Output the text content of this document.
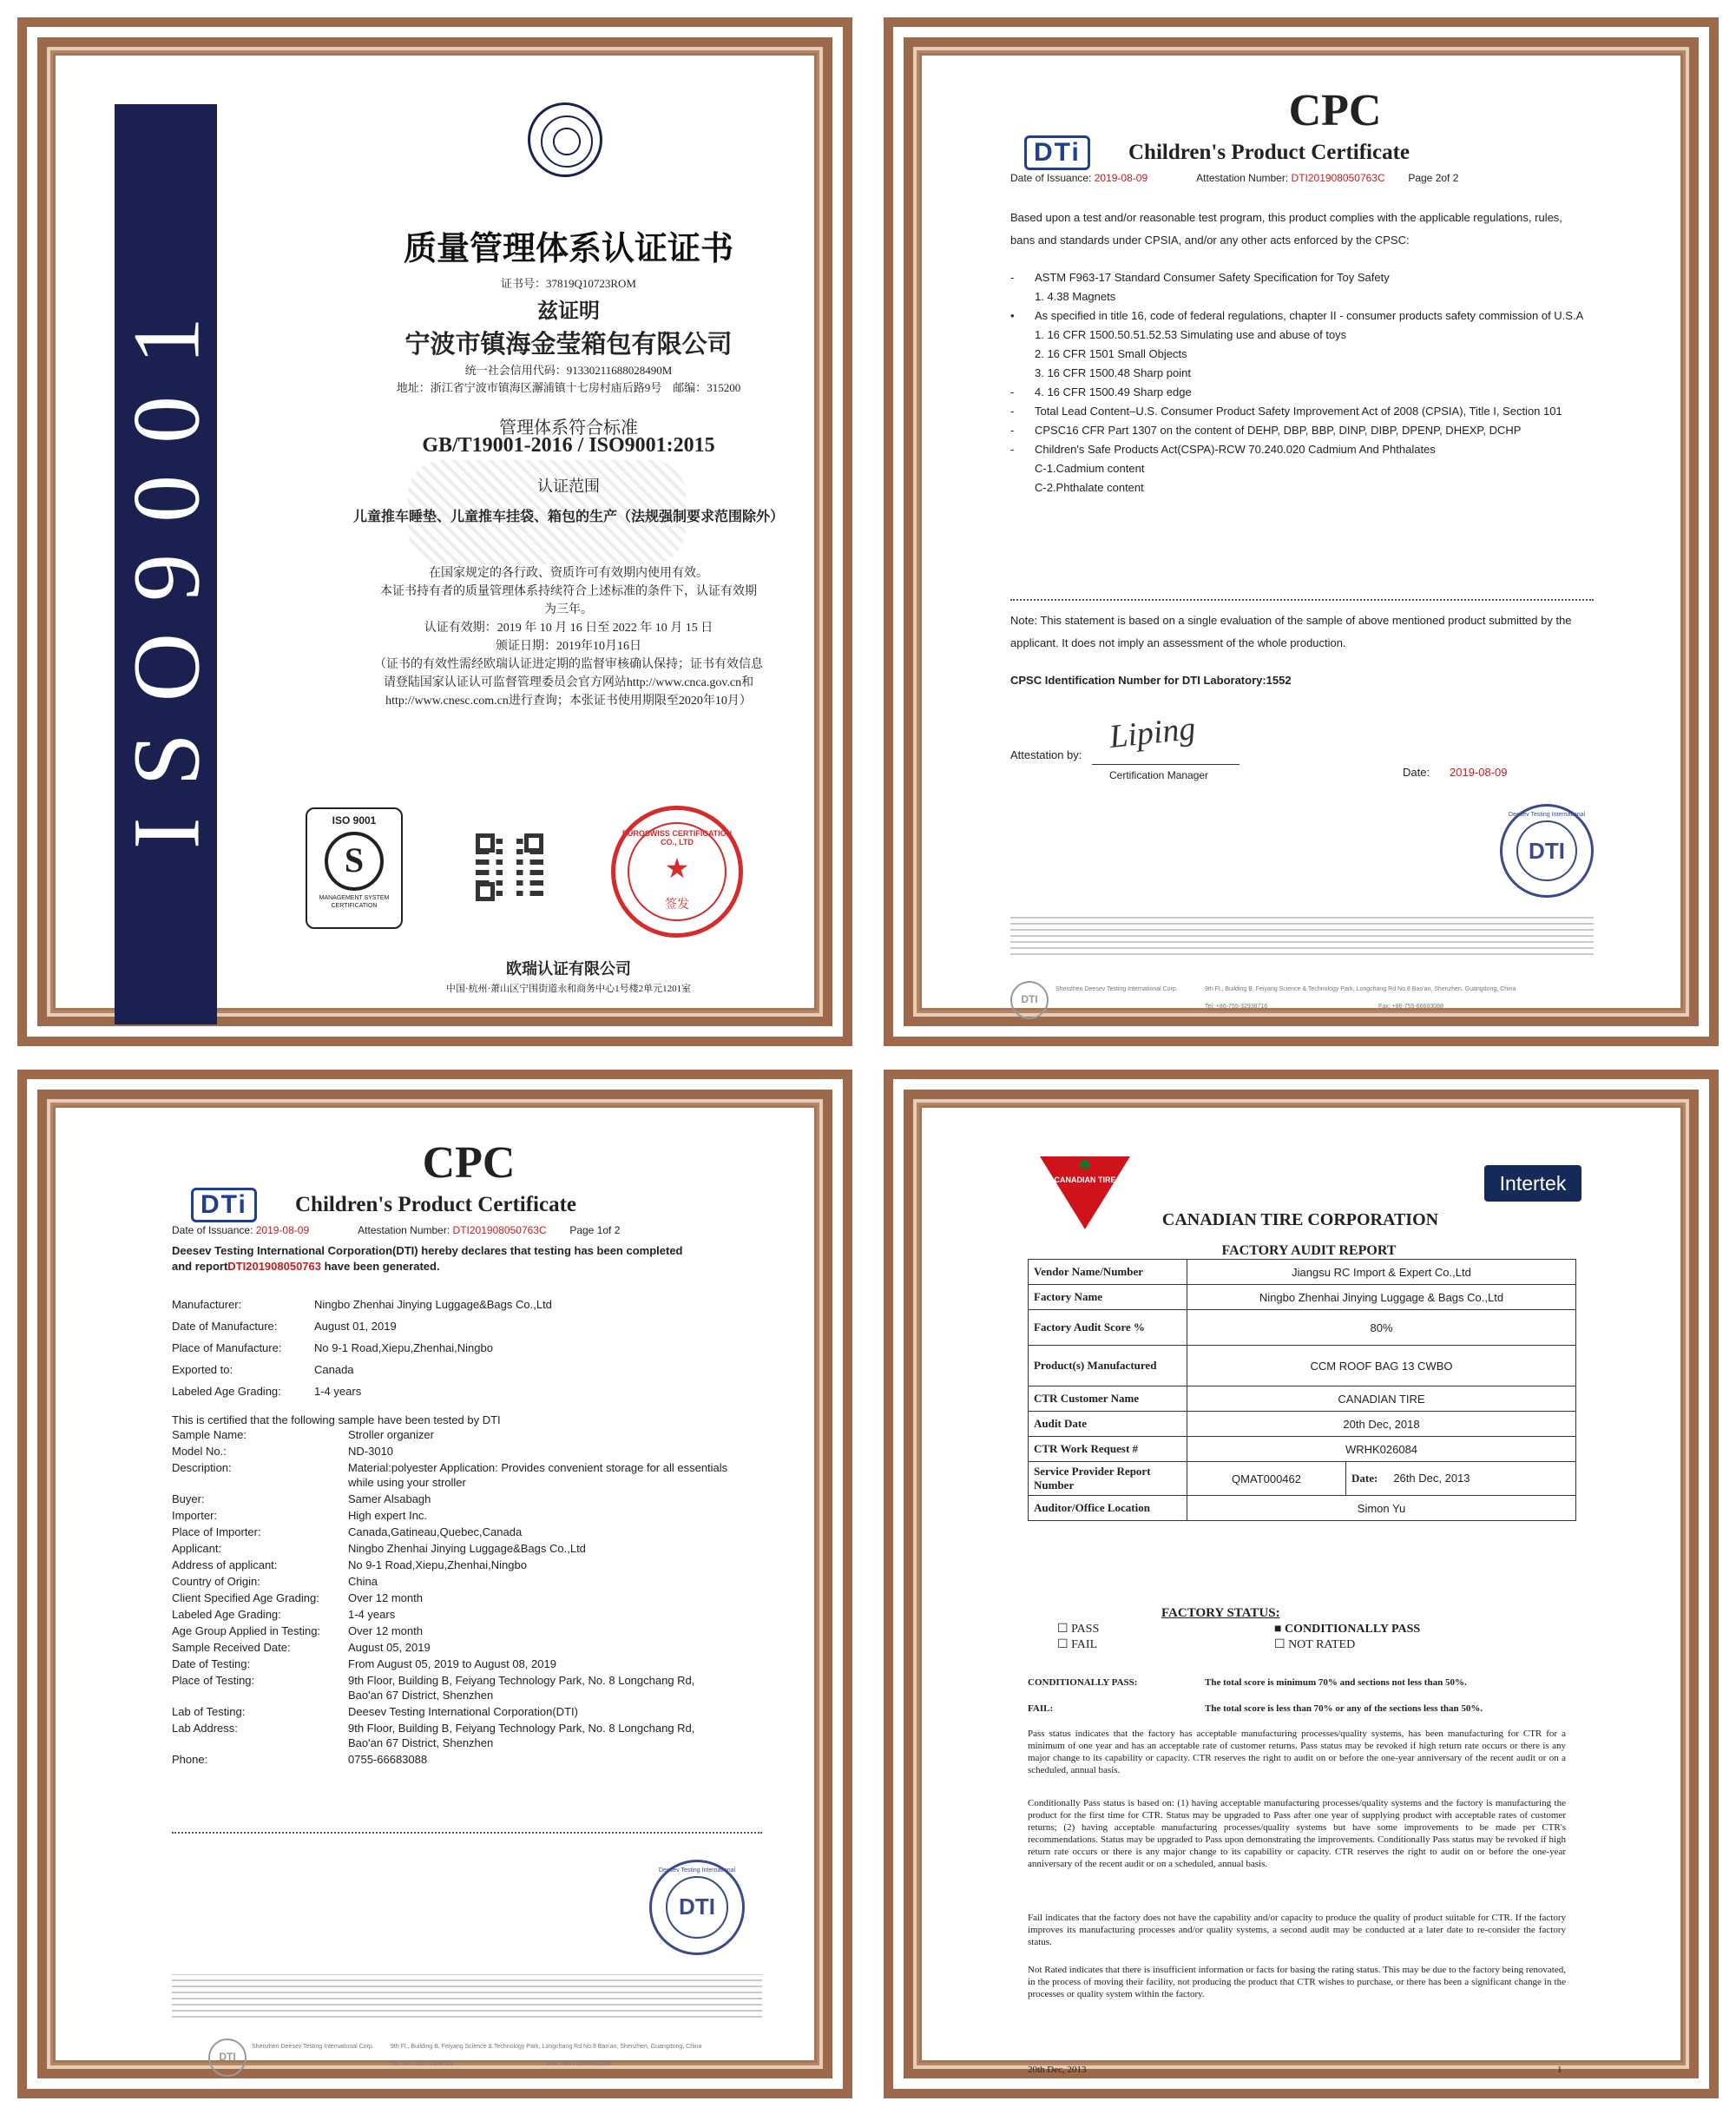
ISO9001
质量管理体系认证证书
证书号：37819Q10723ROM
兹证明
宁波市镇海金莹箱包有限公司
统一社会信用代码：91330211688028490M
地址：浙江省宁波市镇海区澥浦镇十七房村庙后路9号　邮编：315200
管理体系符合标准
GB/T19001-2016 / ISO9001:2015
认证范围
儿童推车睡垫、儿童推车挂袋、箱包的生产（法规强制要求范围除外）
在国家规定的各行政、资质许可有效期内使用有效。
本证书持有者的质量管理体系持续符合上述标准的条件下，认证有效期
为三年。
认证有效期：2019 年 10 月 16 日至 2022 年 10 月 15 日
颁证日期：2019年10月16日
（证书的有效性需经欧瑞认证进定期的监督审核确认保持；证书有效信息
请登陆国家认证认可监督管理委员会官方网站http://www.cnca.gov.cn和
http://www.cnesc.com.cn进行查询；本张证书使用期限至2020年10月）
ISO 9001
S
MANAGEMENT SYSTEM CERTIFICATION
EUROSWISS CERTIFICATION CO., LTD
签发
★
欧瑞认证有限公司
中国·杭州·萧山区宁围街道永和商务中心1号楼2单元1201室
CPC
DTi	Children's Product Certificate
Date of Issuance: 2019-08-09	Attestation Number: DTI201908050763C Page 2of 2
Based upon a test and/or reasonable test program, this product complies with the applicable regulations, rules, bans and standards under CPSIA, and/or any other acts enforced by the CPSC:
- ASTM F963-17 Standard Consumer Safety Specification for Toy Safety
1. 4.38 Magnets
• As specified in title 16, code of federal regulations, chapter II - consumer products safety commission of U.S.A
1. 16 CFR 1500.50.51.52.53 Simulating use and abuse of toys
2. 16 CFR 1501 Small Objects
3. 16 CFR 1500.48 Sharp point
- 4. 16 CFR 1500.49 Sharp edge
- Total Lead Content–U.S. Consumer Product Safety Improvement Act of 2008 (CPSIA), Title I, Section 101
- CPSC16 CFR Part 1307 on the content of DEHP, DBP, BBP, DINP, DIBP, DPENP, DHEXP, DCHP
- Children's Safe Products Act(CSPA)-RCW 70.240.020 Cadmium And Phthalates
C-1.Cadmium content
C-2.Phthalate content
Note: This statement is based on a single evaluation of the sample of above mentioned product submitted by the applicant. It does not imply an assessment of the whole production.
CPSC Identification Number for DTI Laboratory:1552
Attestation by: Liping
Certification Manager	Date: 2019-08-09
Deesev Testing International
DTI
DTI
Shenzhen Deesev Testing International Corp.	9th Fl., Building B, Feiyang Science & Technology Park, Longchang Rd No.8 Bao'an, Shenzhen, Guangdong, China
Tel: +86-755-32938716	Fax: +86-755-66683088
CPC
DTi	Children's Product Certificate
Date of Issuance: 2019-08-09	Attestation Number: DTI201908050763C Page 1of 2
Deesev Testing International Corporation(DTI) hereby declares that testing has been completed
and reportDTI201908050763 have been generated.
Manufacturer:	Ningbo Zhenhai Jinying Luggage&Bags Co.,Ltd
Date of Manufacture:	August 01, 2019
Place of Manufacture:	No 9-1 Road,Xiepu,Zhenhai,Ningbo
Exported to:	Canada
Labeled Age Grading:	1-4 years
This is certified that the following sample have been tested by DTI
Sample Name:	Stroller organizer
Model No.:	ND-3010
Description:	Material:polyester Application: Provides convenient storage for all essentials while using your stroller
Buyer:	Samer Alsabagh
Importer:	High expert Inc.
Place of Importer:	Canada,Gatineau,Quebec,Canada
Applicant:	Ningbo Zhenhai Jinying Luggage&Bags Co.,Ltd
Address of applicant:	No 9-1 Road,Xiepu,Zhenhai,Ningbo
Country of Origin:	China
Client Specified Age Grading:	Over 12 month
Labeled Age Grading:	1-4 years
Age Group Applied in Testing:	Over 12 month
Sample Received Date:	August 05, 2019
Date of Testing:	From August 05, 2019 to August 08, 2019
Place of Testing:	9th Floor, Building B, Feiyang Technology Park, No. 8 Longchang Rd, Bao'an 67 District, Shenzhen
Lab of Testing:	Deesev Testing International Corporation(DTI)
Lab Address:	9th Floor, Building B, Feiyang Technology Park, No. 8 Longchang Rd, Bao'an 67 District, Shenzhen
Phone:	0755-66683088
Deesev Testing International
DTI
DTI
Shenzhen Deesev Testing International Corp.	9th Fl., Building B, Feiyang Science & Technology Park, Longchang Rd No.8 Bao'an, Shenzhen, Guangdong, China
Tel: +86-755-32938716	Fax: +86-755-66683088
♣
CANADIAN TIRE	Intertek
CANADIAN TIRE CORPORATION
FACTORY AUDIT REPORT
Vendor Name/Number	Jiangsu RC Import & Expert Co.,Ltd	
Factory Name	Ningbo Zhenhai Jinying Luggage & Bags Co.,Ltd	
Factory Audit Score %	80%	
Product(s) Manufactured	CCM ROOF BAG 13 CWBO	
CTR Customer Name	CANADIAN TIRE	
Audit Date	20th Dec, 2018	
CTR Work Request #	WRHK026084	
Service Provider Report Number	QMAT000462	Date: 26th Dec, 2013
Auditor/Office Location	Simon Yu	
FACTORY STATUS:
☐ PASS
☐ FAIL
■ CONDITIONALLY PASS
☐ NOT RATED
CONDITIONALLY PASS:	The total score is minimum 70% and sections not less than 50%.
FAIL:	The total score is less than 70% or any of the sections less than 50%.
Pass status indicates that the factory has acceptable manufacturing processes/quality systems, has been manufacturing for CTR for a minimum of one year and has an acceptable rate of customer returns. Pass status may be revoked if high return rate occurs or there is any major change to its capability or capacity. CTR reserves the right to audit on or before the one-year anniversary of the recent audit or on a scheduled, annual basis.
Conditionally Pass status is based on: (1) having acceptable manufacturing processes/quality systems and the factory is manufacturing the product for the first time for CTR. Status may be upgraded to Pass after one year of supplying product with acceptable rates of customer returns; (2) having acceptable manufacturing processes/quality systems but have some improvements to be made per CTR's recommendations. Status may be upgraded to Pass upon demonstrating the improvements. Conditionally Pass status may be revoked if high return rate occurs or there is any major change to its capability or capacity. CTR reserves the right to audit on or before the one-year anniversary of the recent audit or on a scheduled, annual basis.
Fail indicates that the factory does not have the capability and/or capacity to produce the quality of product suitable for CTR. If the factory improves its manufacturing processes and/or quality systems, a second audit may be conducted at a later date to re-consider the factory status.
Not Rated indicates that there is insufficient information or facts for basing the rating status. This may be due to the factory being renovated, in the process of moving their facility, not producing the product that CTR wishes to purchase, or there has been a significant change in the processes or quality system within the factory.
20th Dec, 2013	1
